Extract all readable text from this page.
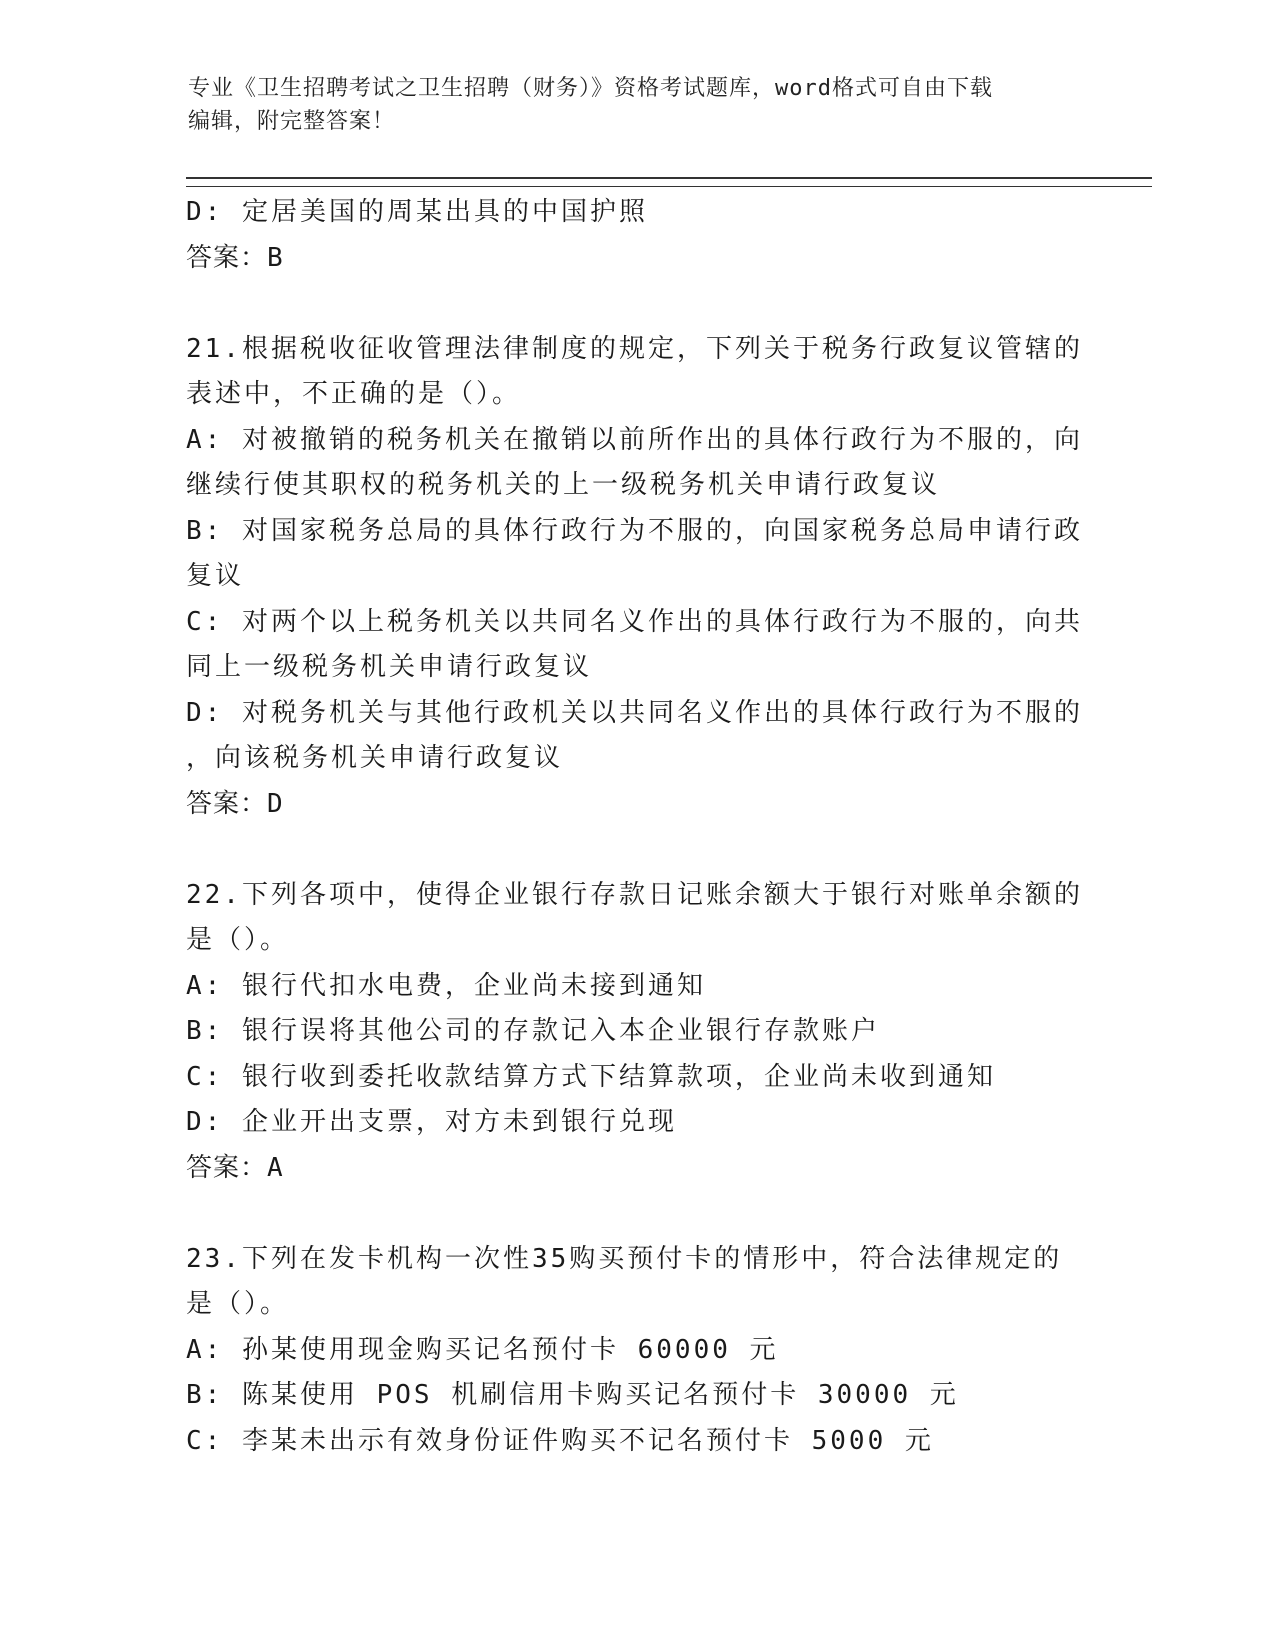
专业《卫生招聘考试之卫生招聘（财务）》资格考试题库，word格式可自由下载
编辑，附完整答案！
D: 定居美国的周某出具的中国护照
答案：B
21.根据税收征收管理法律制度的规定，下列关于税务行政复议管辖的
表述中，不正确的是（）。
A: 对被撤销的税务机关在撤销以前所作出的具体行政行为不服的，向
继续行使其职权的税务机关的上一级税务机关申请行政复议
B: 对国家税务总局的具体行政行为不服的，向国家税务总局申请行政
复议
C: 对两个以上税务机关以共同名义作出的具体行政行为不服的，向共
同上一级税务机关申请行政复议
D: 对税务机关与其他行政机关以共同名义作出的具体行政行为不服的
，向该税务机关申请行政复议
答案：D
22.下列各项中，使得企业银行存款日记账余额大于银行对账单余额的
是（）。
A: 银行代扣水电费，企业尚未接到通知
B: 银行误将其他公司的存款记入本企业银行存款账户
C: 银行收到委托收款结算方式下结算款项，企业尚未收到通知
D: 企业开出支票，对方未到银行兑现
答案：A
23.下列在发卡机构一次性35购买预付卡的情形中，符合法律规定的
是（）。
A: 孙某使用现金购买记名预付卡 60000 元
B: 陈某使用 POS 机刷信用卡购买记名预付卡 30000 元
C: 李某未出示有效身份证件购买不记名预付卡 5000 元
